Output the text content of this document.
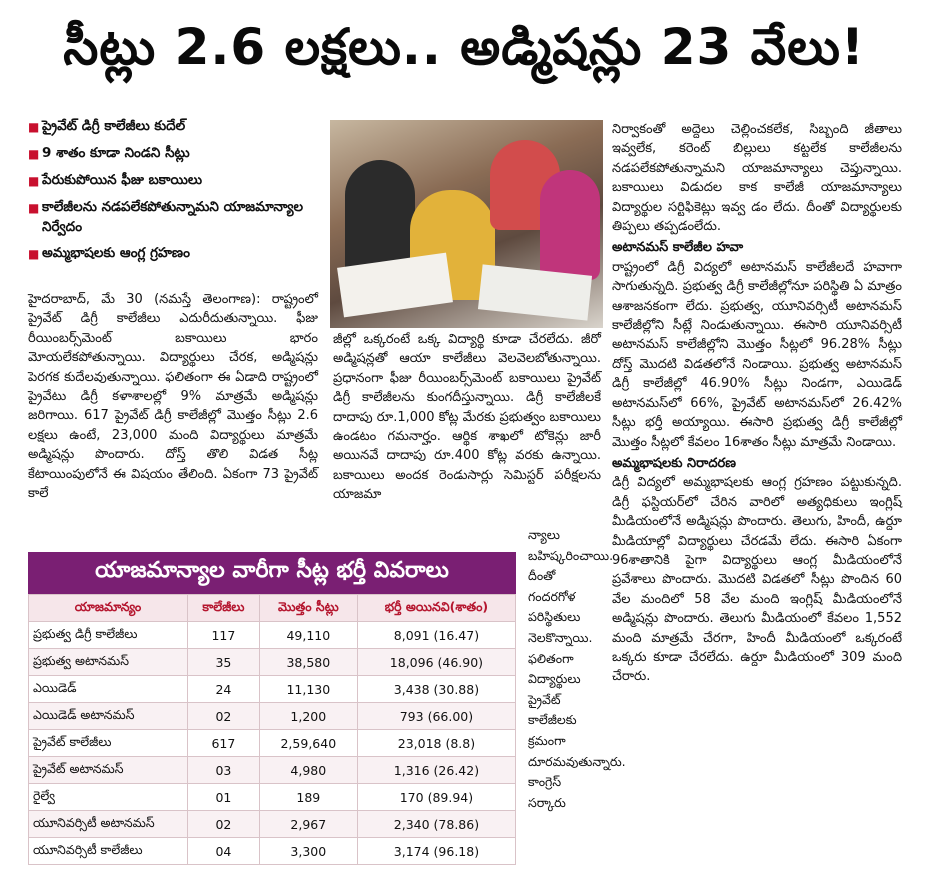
సీట్లు 2.6 లక్షలు.. అడ్మిషన్లు 23 వేలు!
■ ప్రైవేట్ డిగ్రీ కాలేజీలు కుదేల్
■ 9 శాతం కూడా నిండని సీట్లు
■ పేరుకుపోయిన ఫీజు బకాయిలు
■ కాలేజీలను నడపలేకపోతున్నామని యాజమాన్యాల నిర్వేదం
■ అమ్మభాషలకు ఆంగ్ల గ్రహణం

హైదరాబాద్, మే 30 (నమస్తే తెలంగాణ): రాష్ట్రంలో ప్రైవేట్ డిగ్రీ కాలేజీలు ఎదురీదుతున్నాయి. ఫీజు రీయింబర్స్‌మెంట్ బకాయిలు భారం మోయలేకపోతున్నాయి. విద్యార్థులు చేరక, అడ్మిషన్లు పెరగక కుదేలవుతున్నాయి. ఫలితంగా ఈ ఏడాది రాష్ట్రంలో ప్రైవేటు డిగ్రీ కళాశాలల్లో 9% మాత్రమే అడ్మిషన్లు జరిగాయి. 617 ప్రైవేట్ డిగ్రీ కాలేజీల్లో మొత్తం సీట్లు 2.6 లక్షలు ఉంటే, 23,000 మంది విద్యార్థులు మాత్రమే అడ్మిషన్లు పొందారు. దోస్త్ తొలి విడత సీట్ల కేటాయింపులోనే ఈ విషయం తేలింది. ఏకంగా 73 ప్రైవేట్ కాలే

జీల్లో ఒక్కరంటే ఒక్క విద్యార్థి కూడా చేరలేదు. జీరో అడ్మిషన్లతో ఆయా కాలేజీలు వెలవెలబోతున్నాయి. ప్రధానంగా ఫీజు రీయింబర్స్‌మెంట్ బకాయిలు ప్రైవేట్ డిగ్రీ కాలేజీలను కుంగదీస్తున్నాయి. డిగ్రీ కాలేజీలకే దాదాపు రూ.1,000 కోట్ల మేరకు ప్రభుత్వం బకాయిలు ఉండటం గమనార్హం. ఆర్థిక శాఖలో టోకెన్లు జారీ అయినవే దాదాపు రూ.400 కోట్ల వరకు ఉన్నాయి. బకాయిలు అందక రెండుసార్లు సెమిస్టర్ పరీక్షలను యాజమా

న్యాలు బహిష్కరించాయి. దీంతో గందరగోళ పరిస్థితులు నెలకొన్నాయి. ఫలితంగా విద్యార్థులు ప్రైవేట్ కాలేజీలకు క్రమంగా దూరమవుతున్నారు. కాంగ్రెస్ సర్కారు

నిర్వాకంతో అద్దెలు చెల్లించకలేక, సిబ్బంది జీతాలు ఇవ్వలేక, కరెంట్ బిల్లులు కట్టలేక కాలేజీలను నడపలేకపోతున్నామని యాజమాన్యాలు చెప్తున్నాయి. బకాయిలు విడుదల కాక కాలేజీ యాజమాన్యాలు విద్యార్థుల సర్టిఫికెట్లు ఇవ్వ డం లేదు. దీంతో విద్యార్థులకు తిప్పలు తప్పడంలేదు.

అటానమస్ కాలేజీల హవా

రాష్ట్రంలో డిగ్రీ విద్యలో అటానమస్ కాలేజీలదే హవాగా సాగుతున్నది. ప్రభుత్వ డిగ్రీ కాలేజీల్లోనూ పరిస్థితి ఏ మాత్రం ఆశాజనకంగా లేదు. ప్రభుత్వ, యూనివర్సిటీ అటానమస్ కాలేజీల్లోని సీట్లే నిండుతున్నాయి. ఈసారి యూనివర్సిటీ అటానమస్ కాలేజీల్లోని మొత్తం సీట్లలో 96.28% సీట్లు దోస్త్ మొదటి విడతలోనే నిండాయి. ప్రభుత్వ అటానమస్ డిగ్రీ కాలేజీల్లో 46.90% సీట్లు నిండగా, ఎయిడెడ్ అటానమస్‌లో 66%, ప్రైవేట్ అటానమస్‌లో 26.42% సీట్లు భర్తీ అయ్యాయి. ఈసారి ప్రభుత్వ డిగ్రీ కాలేజీల్లో మొత్తం సీట్లలో కేవలం 16శాతం సీట్లు మాత్రమే నిండాయి.

అమ్మభాషలకు నిరాదరణ

డిగ్రీ విద్యలో అమ్మభాషలకు ఆంగ్ల గ్రహణం పట్టుకున్నది. డిగ్రీ ఫస్టియర్‌లో చేరిన వారిలో అత్యధికులు ఇంగ్లిష్ మీడియంలోనే అడ్మిషన్లు పొందారు. తెలుగు, హిందీ, ఉర్దూ మీడియాల్లో విద్యార్థులు చేరడమే లేదు. ఈసారి ఏకంగా 96శాతానికి పైగా విద్యార్థులు ఆంగ్ల మీడియంలోనే ప్రవేశాలు పొందారు. మొదటి విడతలో సీట్లు పొందిన 60 వేల మందిలో 58 వేల మంది ఇంగ్లిష్ మీడియంలోనే అడ్మిషన్లు పొందారు. తెలుగు మీడియంలో కేవలం 1,552 మంది మాత్రమే చేరగా, హిందీ మీడియంలో ఒక్కరంటే ఒక్కరు కూడా చేరలేదు. ఉర్దూ మీడియంలో 309 మంది చేరారు.

యాజమాన్యాల వారీగా సీట్ల భర్తీ వివరాలు
యాజమాన్యం	కాలేజీలు	మొత్తం సీట్లు	భర్తీ అయినవి(శాతం)
ప్రభుత్వ డిగ్రీ కాలేజీలు	117	49,110	8,091 (16.47)
ప్రభుత్వ అటానమస్	35	38,580	18,096 (46.90)
ఎయిడెడ్	24	11,130	3,438 (30.88)
ఎయిడెడ్ అటానమస్	02	1,200	793 (66.00)
ప్రైవేట్ కాలేజీలు	617	2,59,640	23,018 (8.8)
ప్రైవేట్ అటానమస్	03	4,980	1,316 (26.42)
రైల్వే	01	189	170 (89.94)
యూనివర్సిటీ అటానమస్	02	2,967	2,340 (78.86)
యూనివర్సిటీ కాలేజీలు	04	3,300	3,174 (96.18)
